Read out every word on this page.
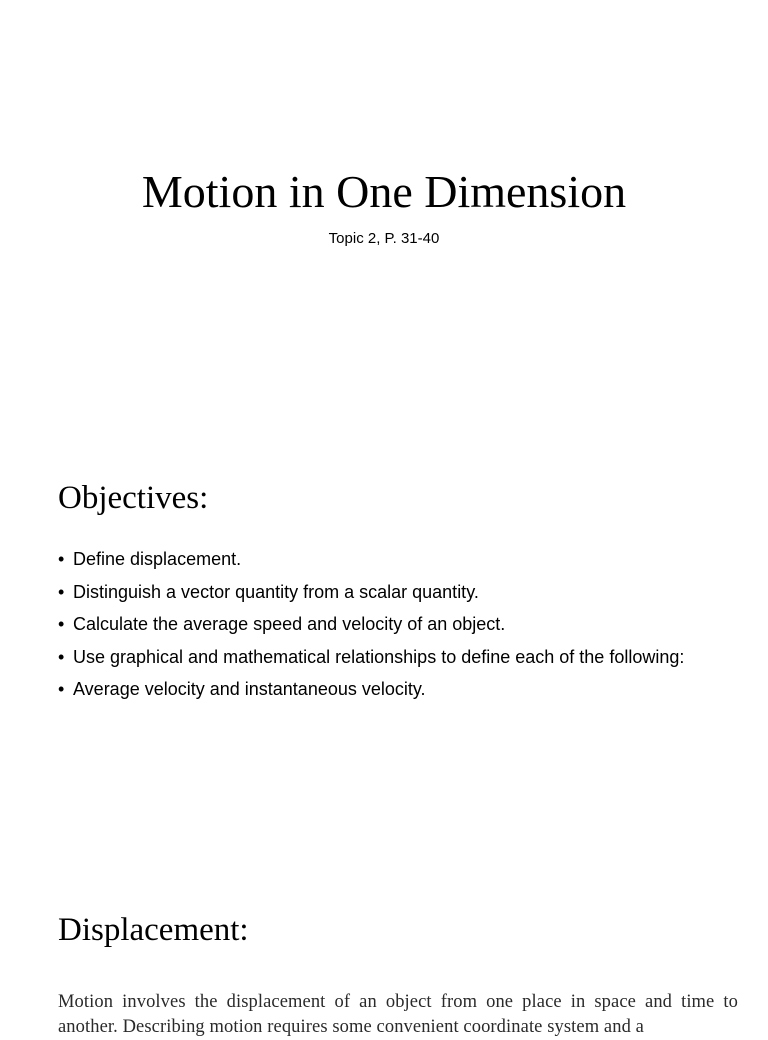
Motion in One Dimension

Topic 2, P. 31-40

Objectives:
• Define displacement.
• Distinguish a vector quantity from a scalar quantity.
• Calculate the average speed and velocity of an object.
• Use graphical and mathematical relationships to define each of the following:
• Average velocity and instantaneous velocity.
Displacement:

Motion involves the displacement of an object from one place in space and time to another. Describing motion requires some convenient coordinate system and a
